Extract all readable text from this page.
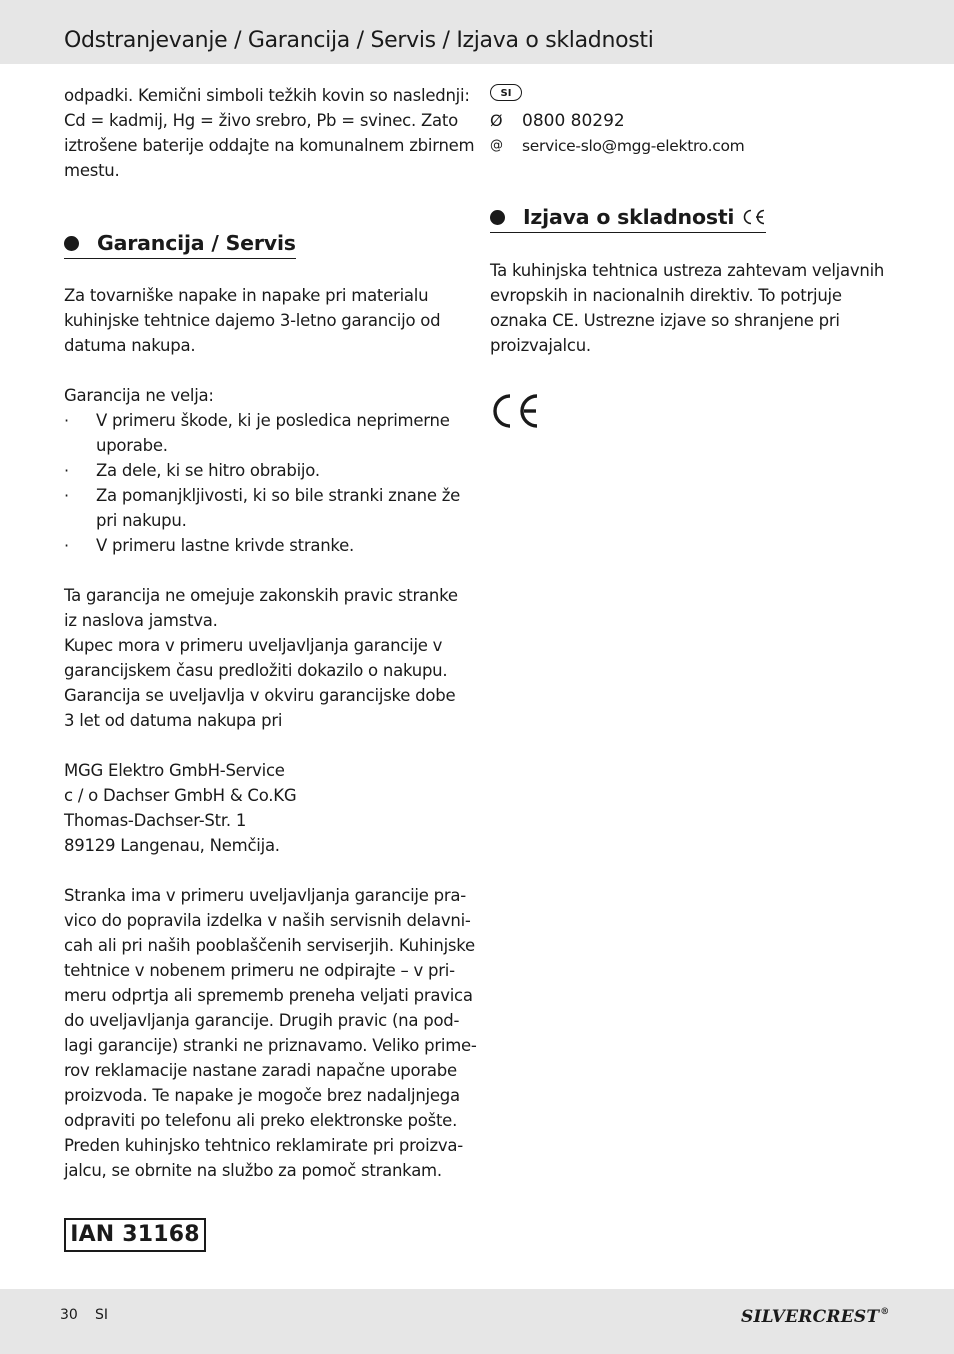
Odstranjevanje / Garancija / Servis / Izjava o skladnosti

odpadki. Kemični simboli težkih kovin so naslednji:

Cd = kadmij, Hg = živo srebro, Pb = svinec. Zato

iztrošene baterije oddajte na komunalnem zbirnem

mestu.

Garancija / Servis

Za tovarniške napake in napake pri materialu

kuhinjske tehtnice dajemo 3-letno garancijo od

datuma nakupa.

Garancija ne velja:

· V primeru škode, ki je posledica neprimerne

uporabe.

· Za dele, ki se hitro obrabijo.

· Za pomanjkljivosti, ki so bile stranki znane že

pri nakupu.

· V primeru lastne krivde stranke.

Ta garancija ne omejuje zakonskih pravic stranke

iz naslova jamstva.

Kupec mora v primeru uveljavljanja garancije v

garancijskem času predložiti dokazilo o nakupu.

Garancija se uveljavlja v okviru garancijske dobe

3 let od datuma nakupa pri

MGG Elektro GmbH-Service

c / o Dachser GmbH & Co.KG

Thomas-Dachser-Str. 1

89129 Langenau, Nemčija.

Stranka ima v primeru uveljavljanja garancije pra-

vico do popravila izdelka v naših servisnih delavni-

cah ali pri naših pooblaščenih serviserjih. Kuhinjske

tehtnice v nobenem primeru ne odpirajte – v pri-

meru odprtja ali sprememb preneha veljati pravica

do uveljavljanja garancije. Drugih pravic (na pod-

lagi garancije) stranki ne priznavamo. Veliko prime-

rov reklamacije nastane zaradi napačne uporabe

proizvoda. Te napake je mogoče brez nadaljnjega

odpraviti po telefonu ali preko elektronske pošte.

Preden kuhinjsko tehtnico reklamirate pri proizva-

jalcu, se obrnite na službo za pomoč strankam.

IAN 31168
SI
Ø 0800 80292
@ service-slo@mgg-elektro.com
Izjava o skladnosti

Ta kuhinjska tehtnica ustreza zahtevam veljavnih

evropskih in nacionalnih direktiv. To potrjuje

oznaka CE. Ustrezne izjave so shranjene pri

proizvajalcu.

30 SI	SILVER CREST ®
